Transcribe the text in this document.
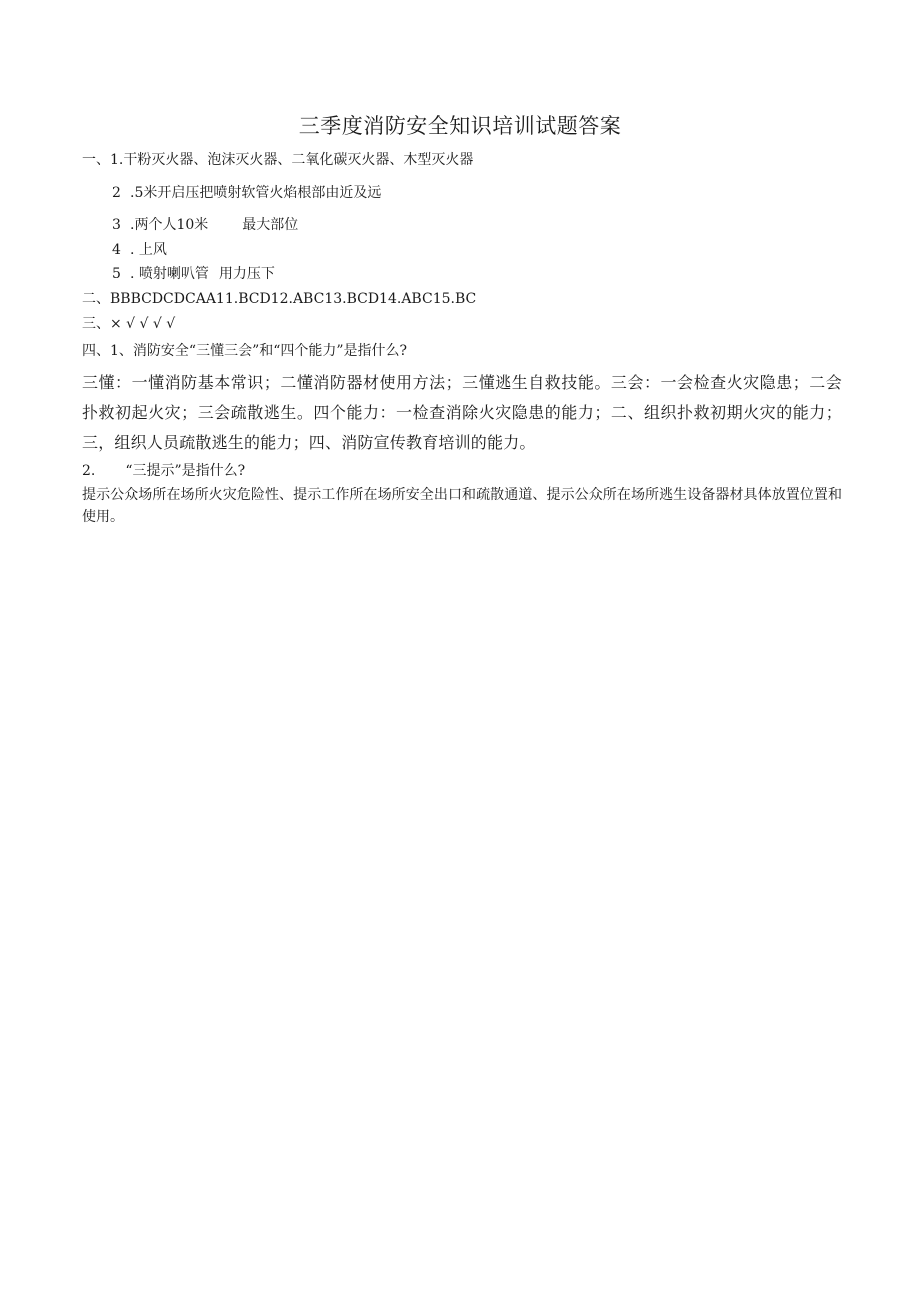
三季度消防安全知识培训试题答案
一、1.干粉灭火器、泡沫灭火器、二氧化碳灭火器、木型灭火器
2 .5米开启压把喷射软管火焰根部由近及远
3 .两个人10米 最大部位
4 . 上风
5 . 喷射喇叭管 用力压下
二、BBBCDCDCAA11.BCD12.ABC13.BCD14.ABC15.BC
三、× √ √ √ √
四、1、消防安全“三懂三会”和“四个能力”是指什么?
三懂：一懂消防基本常识；二懂消防器材使用方法；三懂逃生自救技能。三会：一会检查火灾隐患；二会扑救初起火灾；三会疏散逃生。四个能力：一检查消除火灾隐患的能力；二、组织扑救初期火灾的能力；三，组织人员疏散逃生的能力；四、消防宣传教育培训的能力。
2. “三提示”是指什么?
提示公众场所在场所火灾危险性、提示工作所在场所安全出口和疏散通道、提示公众所在场所逃生设备器材具体放置位置和使用。
